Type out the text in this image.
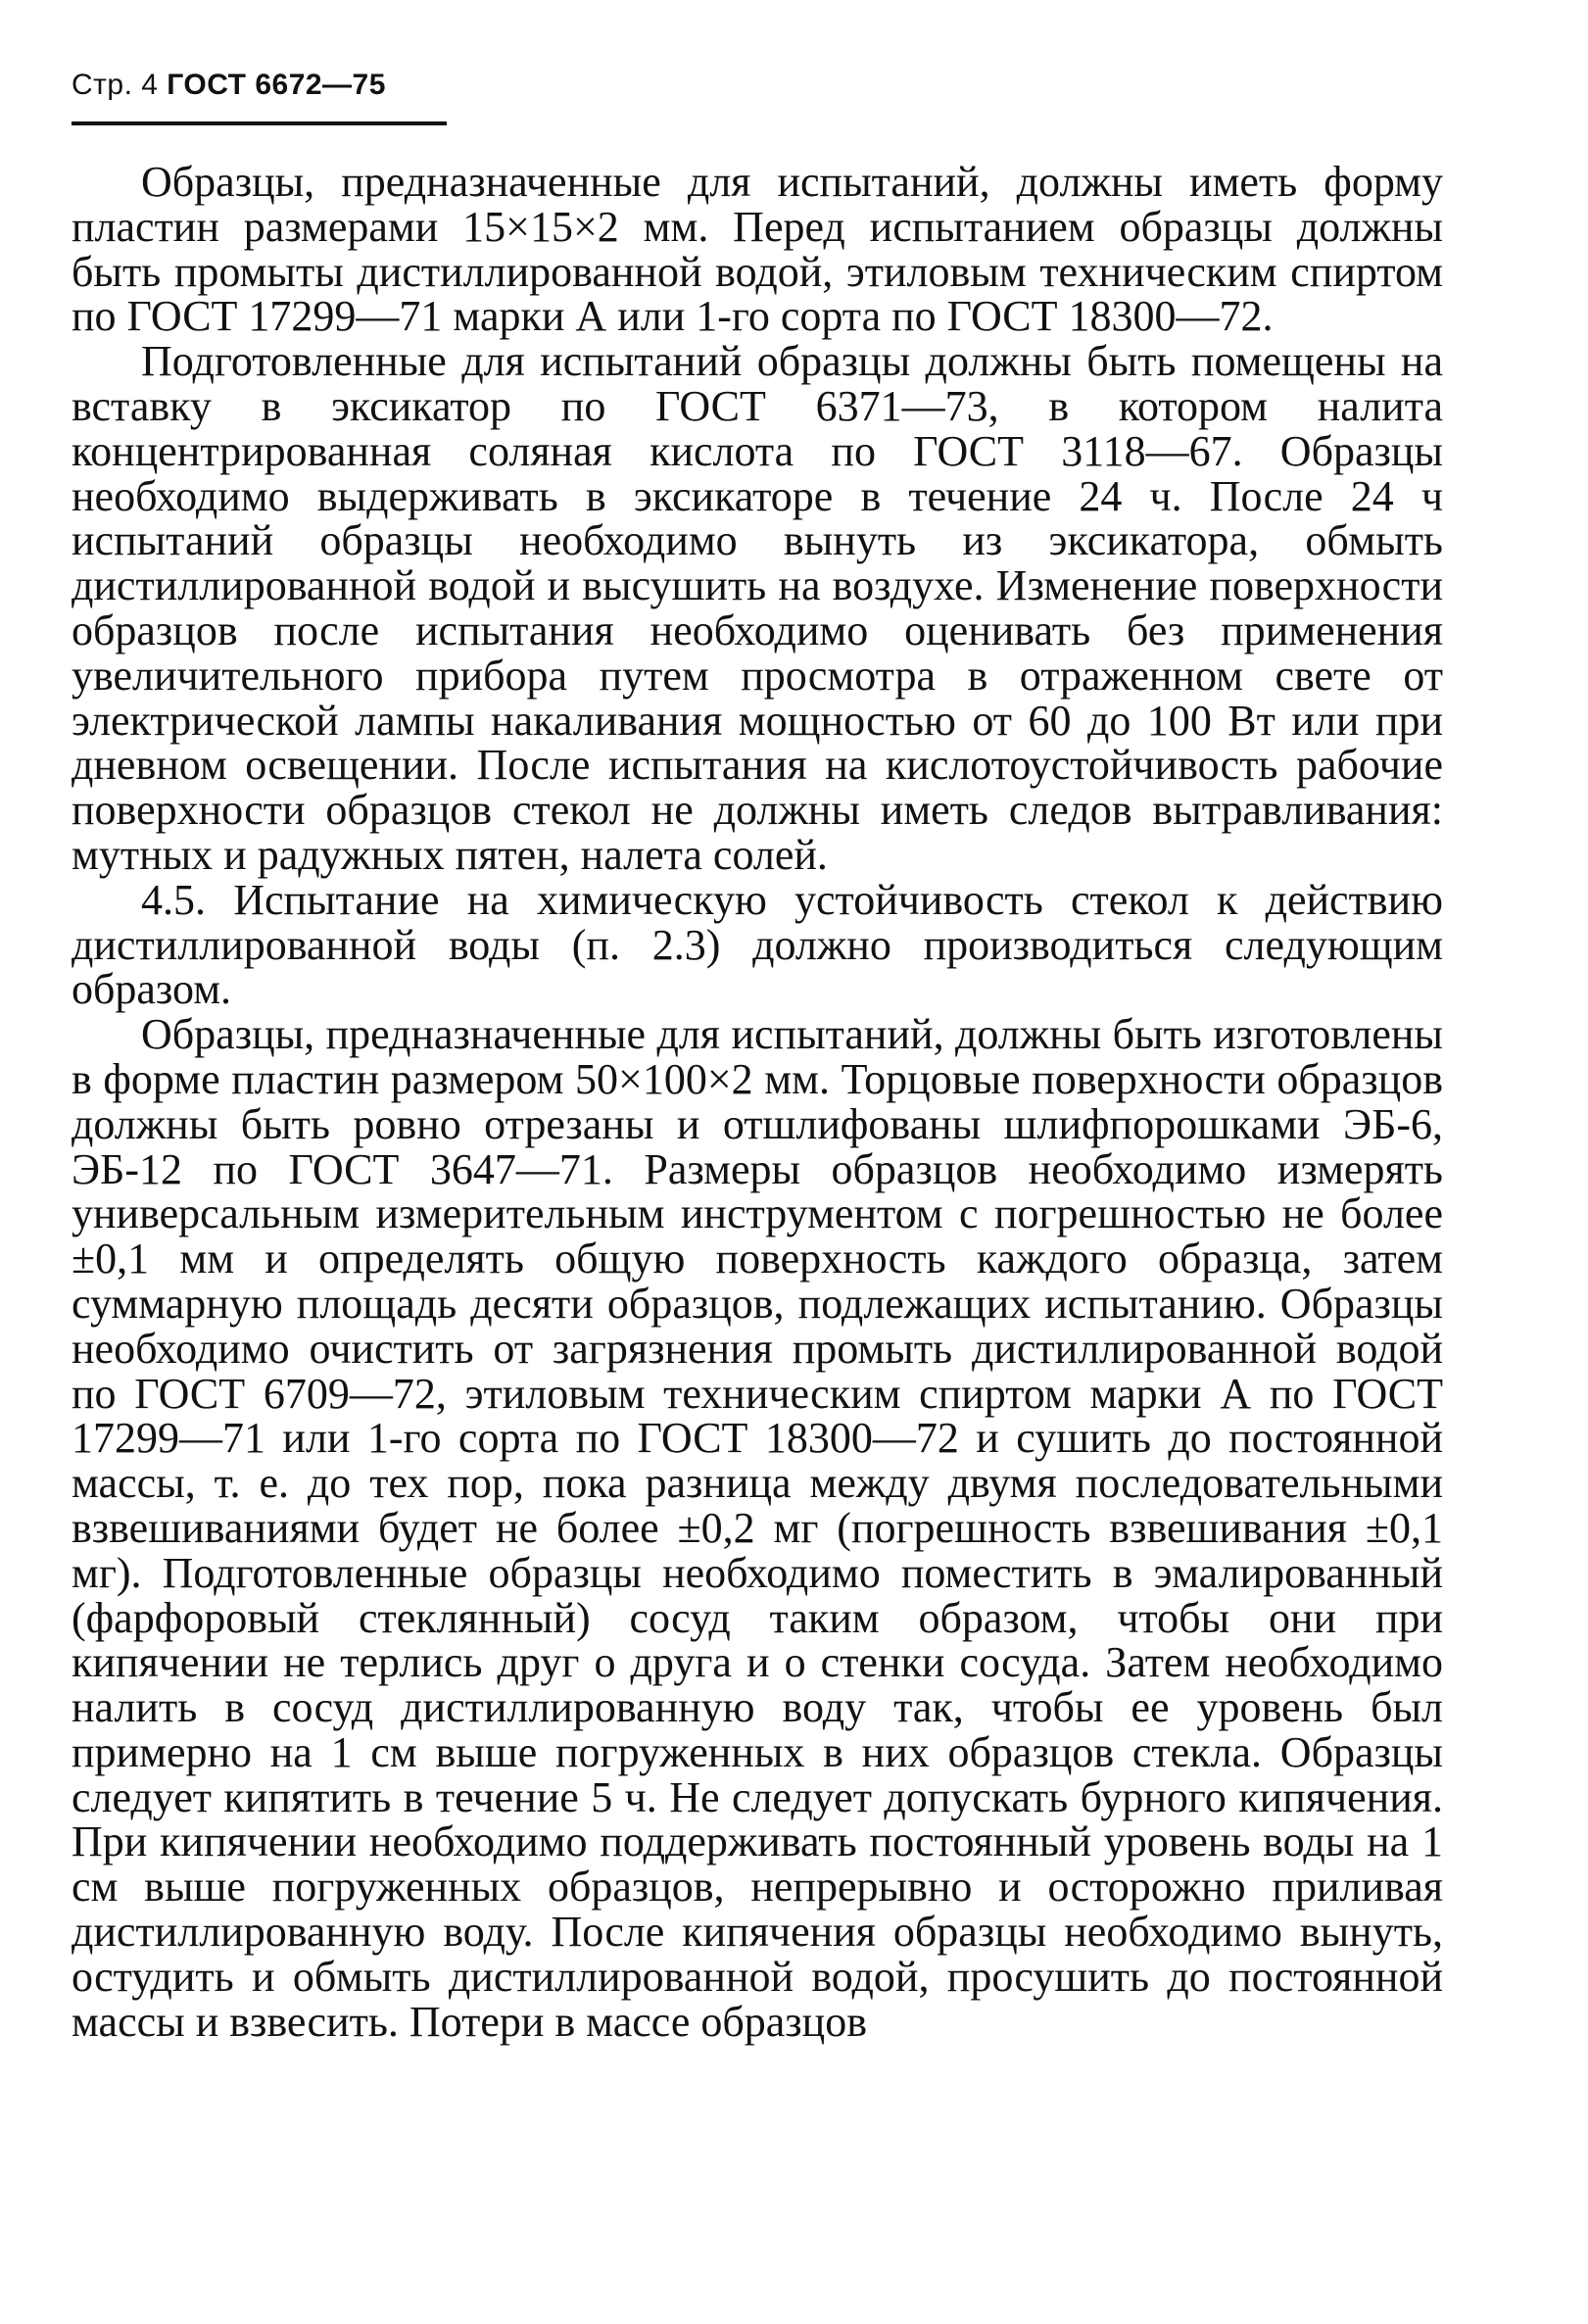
Стр. 4 ГОСТ 6672—75

Образцы, предназначенные для испытаний, должны иметь форму пластин размерами 15×15×2 мм. Перед испытанием образцы должны быть промыты дистиллированной водой, этиловым техническим спиртом по ГОСТ 17299—71 марки А или 1-го сорта по ГОСТ 18300—72.

Подготовленные для испытаний образцы должны быть помещены на вставку в эксикатор по ГОСТ 6371—73, в котором налита концентрированная соляная кислота по ГОСТ 3118—67. Образцы необходимо выдерживать в эксикаторе в течение 24 ч. После 24 ч испытаний образцы необходимо вынуть из эксикатора, обмыть дистиллированной водой и высушить на воздухе. Изменение поверхности образцов после испытания необходимо оценивать без применения увеличительного прибора путем просмотра в отраженном свете от электрической лампы накаливания мощностью от 60 до 100 Вт или при дневном освещении. После испытания на кислотоустойчивость рабочие поверхности образцов стекол не должны иметь следов вытравливания: мутных и радужных пятен, налета солей.

4.5. Испытание на химическую устойчивость стекол к действию дистиллированной воды (п. 2.3) должно производиться следующим образом.

Образцы, предназначенные для испытаний, должны быть изготовлены в форме пластин размером 50×100×2 мм. Торцовые поверхности образцов должны быть ровно отрезаны и отшлифованы шлифпорошками ЭБ-6, ЭБ-12 по ГОСТ 3647—71. Размеры образцов необходимо измерять универсальным измерительным инструментом с погрешностью не более ±0,1 мм и определять общую поверхность каждого образца, затем суммарную площадь десяти образцов, подлежащих испытанию. Образцы необходимо очистить от загрязнения промыть дистиллированной водой по ГОСТ 6709—72, этиловым техническим спиртом марки А по ГОСТ 17299—71 или 1-го сорта по ГОСТ 18300—72 и сушить до постоянной массы, т. е. до тех пор, пока разница между двумя последовательными взвешиваниями будет не более ±0,2 мг (погрешность взвешивания ±0,1 мг). Подготовленные образцы необходимо поместить в эмалированный (фарфоровый стеклянный) сосуд таким образом, чтобы они при кипячении не терлись друг о друга и о стенки сосуда. Затем необходимо налить в сосуд дистиллированную воду так, чтобы ее уровень был примерно на 1 см выше погруженных в них образцов стекла. Образцы следует кипятить в течение 5 ч. Не следует допускать бурного кипячения. При кипячении необходимо поддерживать постоянный уровень воды на 1 см выше погруженных образцов, непрерывно и осторожно приливая дистиллированную воду. После кипячения образцы необходимо вынуть, остудить и обмыть дистиллированной водой, просушить до постоянной массы и взвесить. Потери в массе образцов
